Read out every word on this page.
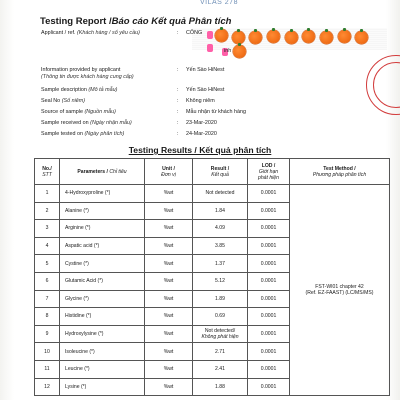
VILAS 278
Testing Report /Báo cáo Kết quả Phân tích
Applicant / ref. (Khách hàng / số yêu cầu)	: CÔNG
inh
Information provided by applicant
(Thông tin được khách hàng cung cấp)
: Yến Sào HiNest
Sample description (Mô tả mẫu)	: Yến Sào HiNest
Seal No (Số niêm)	: Không niêm
Source of sample (Nguồn mẫu)	: Mẫu nhận từ khách hàng
Sample received on (Ngày nhận mẫu)	: 23-Mar-2020
Sample tested on (Ngày phân tích)	: 24-Mar-2020
Testing Results / Kết quả phân tích
No./
STT	Parameters / Chỉ tiêu	Unit /
Đơn vị	Result /
Kết quả	LOD /
Giới hạn
phát hiện	Test Method /
Phương pháp phân tích

1	4-Hydroxyproline (*)	%wt	Not detected	0.0001	FST-WI01 chapter 42
(Ref. EZ-FAAST) (LC/MS/MS)
2	Alanine (*)	%wt	1.84	0.0001	
3	Arginine (*)	%wt	4.09	0.0001	
4	Aspatic acid (*)	%wt	3.85	0.0001	
5	Cystine (*)	%wt	1.37	0.0001	
6	Glutamic Acid (*)	%wt	5.12	0.0001	
7	Glycine (*)	%wt	1.89	0.0001	
8	Histidine (*)	%wt	0.69	0.0001	
9	Hydroxylysine (*)	%wt	Not detected/
Không phát hiện	0.0001	
10	Isoleucine (*)	%wt	2.71	0.0001	
11	Leucine (*)	%wt	2.41	0.0001	
12	Lysine (*)	%wt	1.88	0.0001	
